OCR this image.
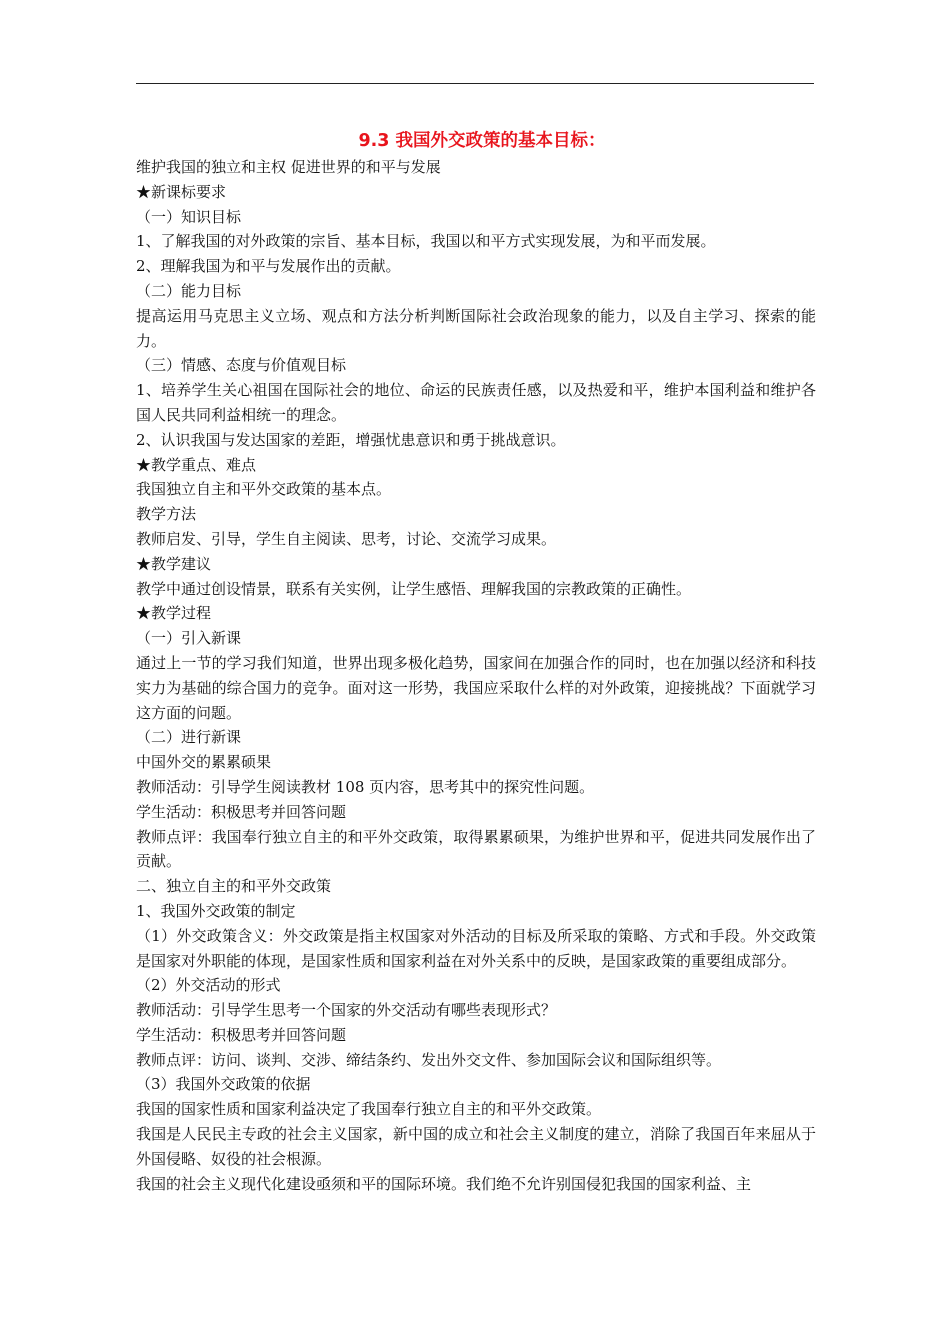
9.3 我国外交政策的基本目标：

维护我国的独立和主权 促进世界的和平与发展

★新课标要求

（一）知识目标

1、了解我国的对外政策的宗旨、基本目标，我国以和平方式实现发展，为和平而发展。

2、理解我国为和平与发展作出的贡献。

（二）能力目标

提高运用马克思主义立场、观点和方法分析判断国际社会政治现象的能力，以及自主学习、探索的能力。

（三）情感、态度与价值观目标

1、培养学生关心祖国在国际社会的地位、命运的民族责任感，以及热爱和平，维护本国利益和维护各国人民共同利益相统一的理念。

2、认识我国与发达国家的差距，增强忧患意识和勇于挑战意识。

★教学重点、难点

我国独立自主和平外交政策的基本点。

教学方法

教师启发、引导，学生自主阅读、思考，讨论、交流学习成果。

★教学建议

教学中通过创设情景，联系有关实例，让学生感悟、理解我国的宗教政策的正确性。

★教学过程

（一）引入新课

通过上一节的学习我们知道，世界出现多极化趋势，国家间在加强合作的同时，也在加强以经济和科技实力为基础的综合国力的竞争。面对这一形势，我国应采取什么样的对外政策，迎接挑战？下面就学习这方面的问题。

（二）进行新课

中国外交的累累硕果

教师活动：引导学生阅读教材 108 页内容，思考其中的探究性问题。

学生活动：积极思考并回答问题

教师点评：我国奉行独立自主的和平外交政策，取得累累硕果，为维护世界和平，促进共同发展作出了贡献。

二、独立自主的和平外交政策

1、我国外交政策的制定

（1）外交政策含义：外交政策是指主权国家对外活动的目标及所采取的策略、方式和手段。外交政策是国家对外职能的体现，是国家性质和国家利益在对外关系中的反映，是国家政策的重要组成部分。

（2）外交活动的形式

教师活动：引导学生思考一个国家的外交活动有哪些表现形式？

学生活动：积极思考并回答问题

教师点评：访问、谈判、交涉、缔结条约、发出外交文件、参加国际会议和国际组织等。

（3）我国外交政策的依据

我国的国家性质和国家利益决定了我国奉行独立自主的和平外交政策。

我国是人民民主专政的社会主义国家，新中国的成立和社会主义制度的建立，消除了我国百年来屈从于外国侵略、奴役的社会根源。

我国的社会主义现代化建设亟须和平的国际环境。我们绝不允许别国侵犯我国的国家利益、主
